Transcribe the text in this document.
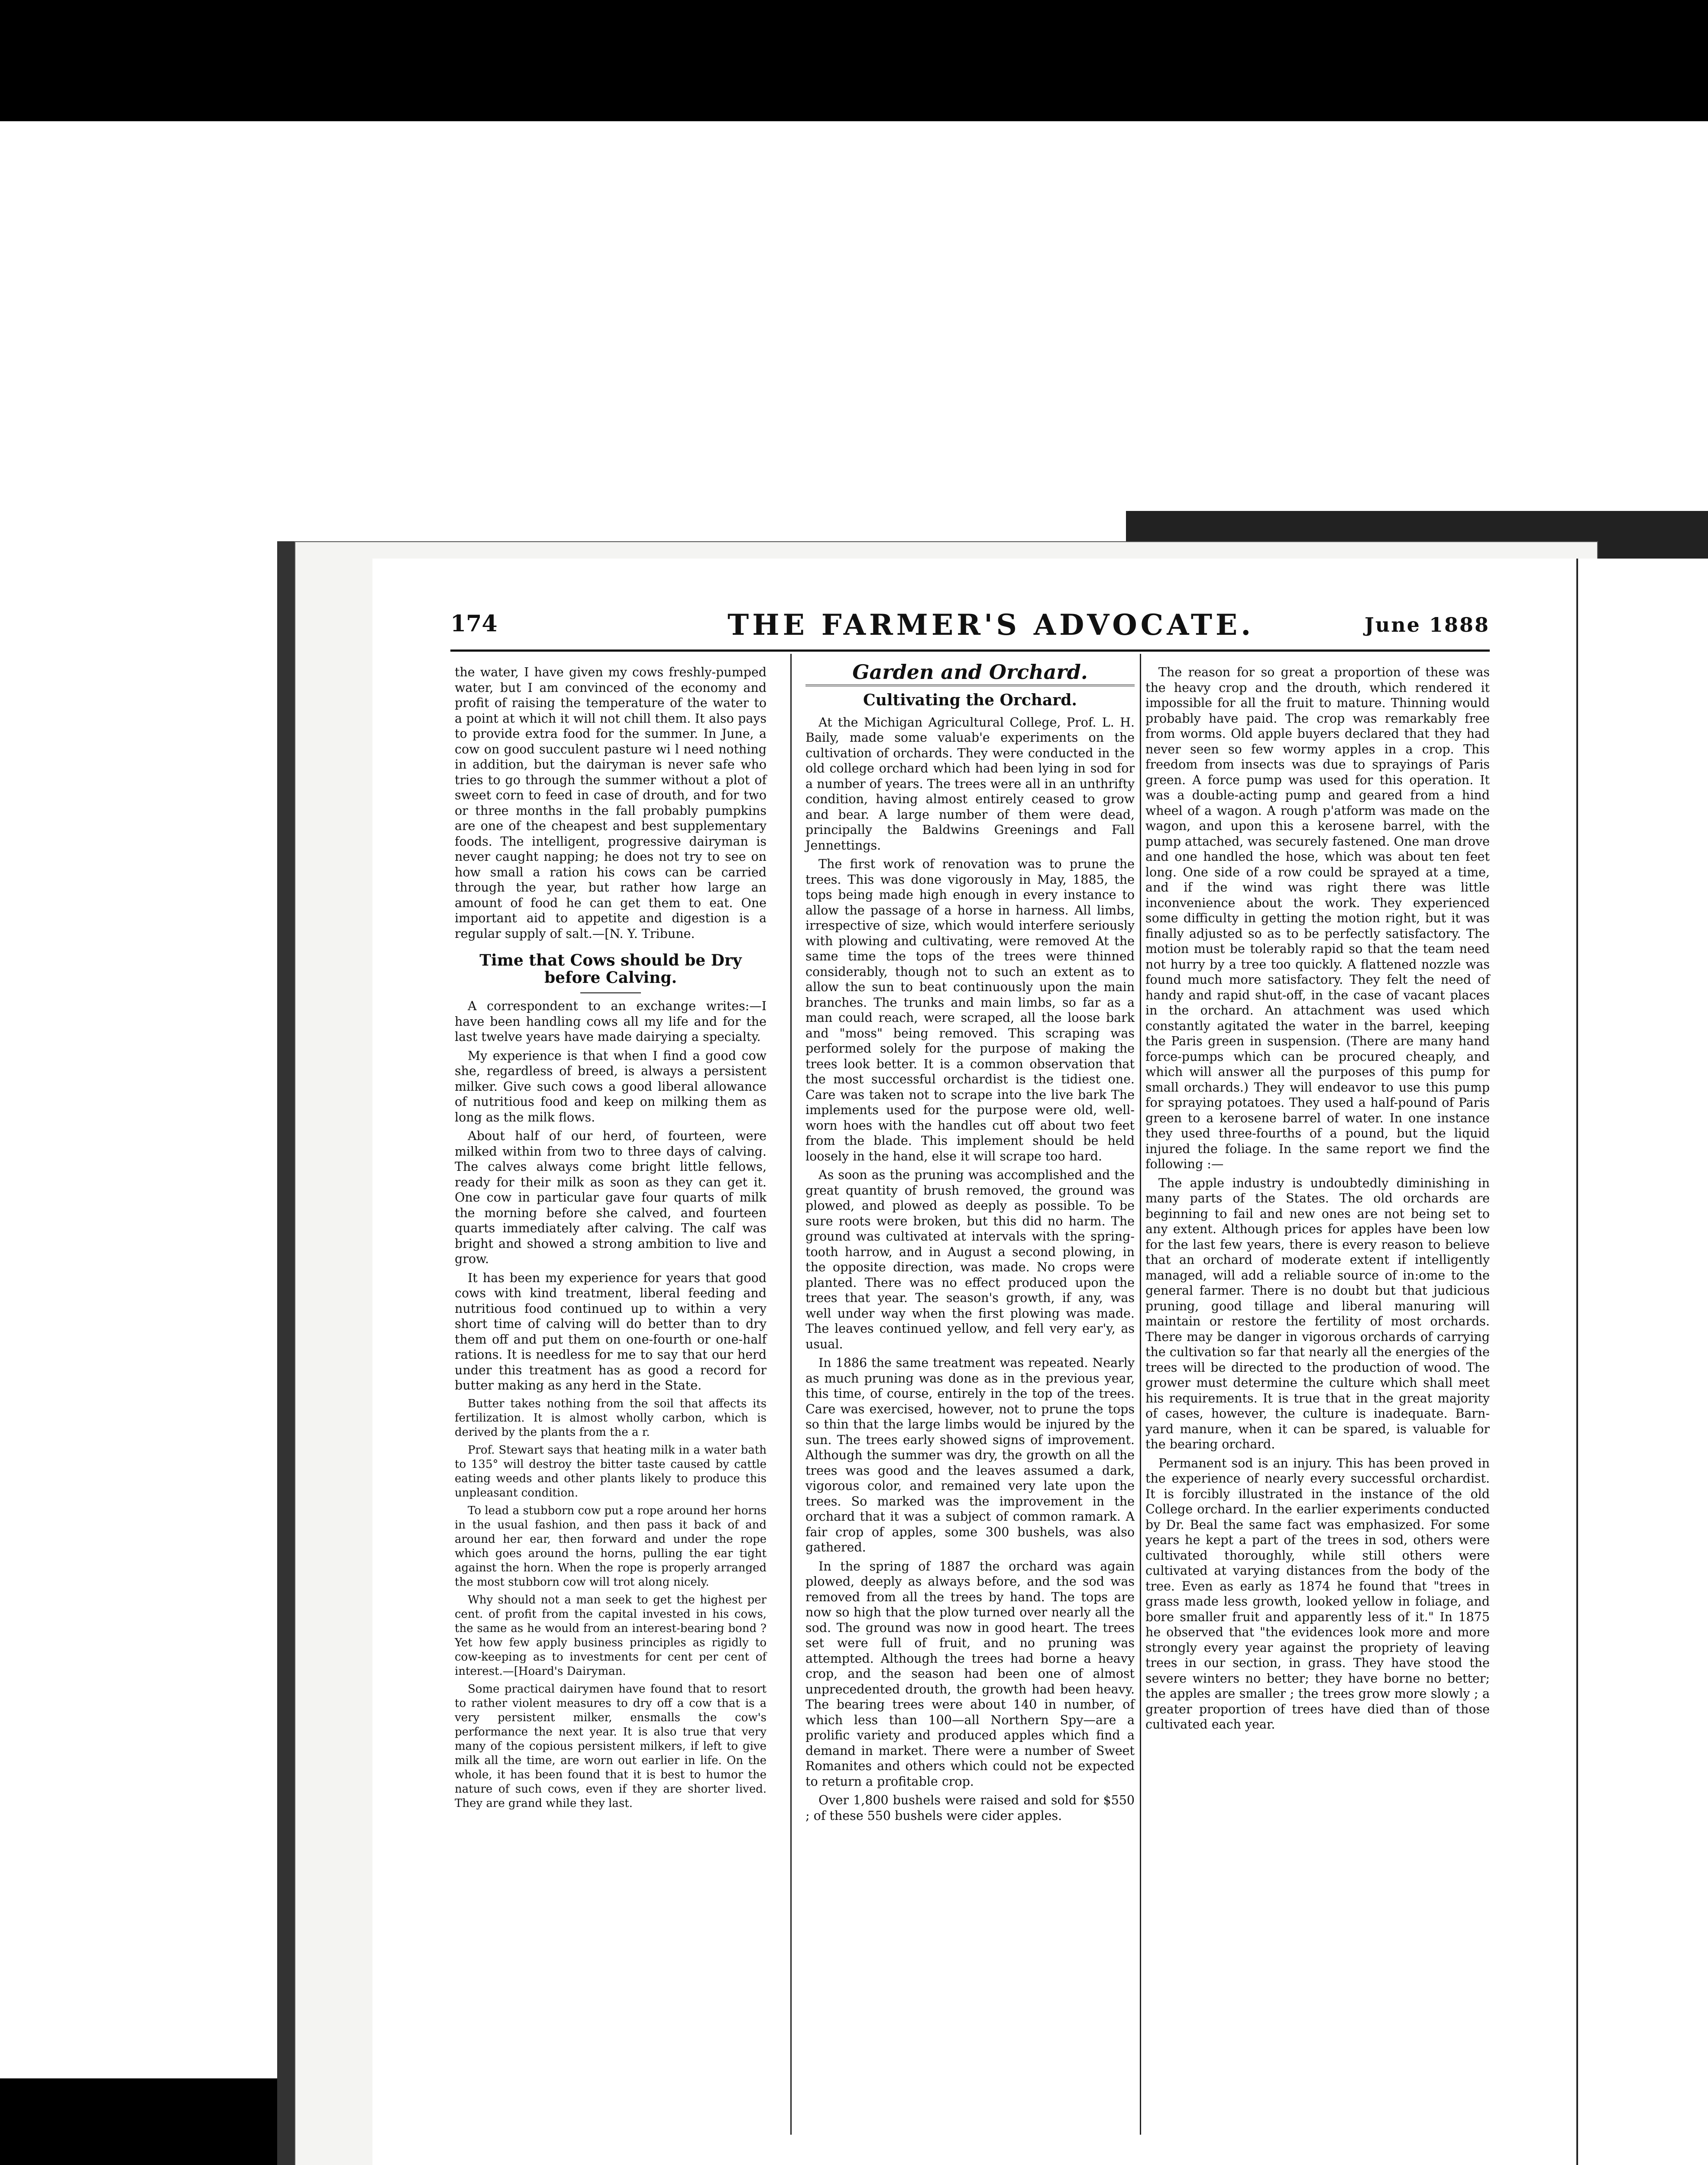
174	THE FARMER'S ADVOCATE.	June 1888

the water, I have given my cows freshly-pumped water, but I am convinced of the economy and profit of raising the temperature of the water to a point at which it will not chill them. It also pays to provide extra food for the summer. In June, a cow on good succulent pasture wi l need nothing in addition, but the dairyman is never safe who tries to go through the summer without a plot of sweet corn to feed in case of drouth, and for two or three months in the fall probably pumpkins are one of the cheapest and best supplementary foods. The intelligent, progressive dairyman is never caught napping; he does not try to see on how small a ration his cows can be carried through the year, but rather how large an amount of food he can get them to eat. One important aid to appetite and digestion is a regular supply of salt.—[N. Y. Tribune.

Time that Cows should be Dry before Calving.

A correspondent to an exchange writes:—I have been handling cows all my life and for the last twelve years have made dairying a specialty.

My experience is that when I find a good cow she, regardless of breed, is always a persistent milker. Give such cows a good liberal allowance of nutritious food and keep on milking them as long as the milk flows.

About half of our herd, of fourteen, were milked within from two to three days of calving. The calves always come bright little fellows, ready for their milk as soon as they can get it. One cow in particular gave four quarts of milk the morning before she calved, and fourteen quarts immediately after calving. The calf was bright and showed a strong ambition to live and grow.

It has been my experience for years that good cows with kind treatment, liberal feeding and nutritious food continued up to within a very short time of calving will do better than to dry them off and put them on one-fourth or one-half rations. It is needless for me to say that our herd under this treatment has as good a record for butter making as any herd in the State.

Butter takes nothing from the soil that affects its fertilization. It is almost wholly carbon, which is derived by the plants from the a r.

Prof. Stewart says that heating milk in a water bath to 135° will destroy the bitter taste caused by cattle eating weeds and other plants likely to produce this unpleasant condition.

To lead a stubborn cow put a rope around her horns in the usual fashion, and then pass it back of and around her ear, then forward and under the rope which goes around the horns, pulling the ear tight against the horn. When the rope is properly arranged the most stubborn cow will trot along nicely.

Why should not a man seek to get the highest per cent. of profit from the capital invested in his cows, the same as he would from an interest-bearing bond ? Yet how few apply business principles as rigidly to cow-keeping as to investments for cent per cent of interest.—[Hoard's Dairyman.

Some practical dairymen have found that to resort to rather violent measures to dry off a cow that is a very persistent milker, ensmalls the cow's performance the next year. It is also true that very many of the copious persistent milkers, if left to give milk all the time, are worn out earlier in life. On the whole, it has been found that it is best to humor the nature of such cows, even if they are shorter lived. They are grand while they last.

Garden and Orchard.
Cultivating the Orchard.

At the Michigan Agricultural College, Prof. L. H. Baily, made some valuab'e experiments on the cultivation of orchards. They were conducted in the old college orchard which had been lying in sod for a number of years. The trees were all in an unthrifty condition, having almost entirely ceased to grow and bear. A large number of them were dead, principally the Baldwins Greenings and Fall Jennettings.

The first work of renovation was to prune the trees. This was done vigorously in May, 1885, the tops being made high enough in every instance to allow the passage of a horse in harness. All limbs, irrespective of size, which would interfere seriously with plowing and cultivating, were removed At the same time the tops of the trees were thinned considerably, though not to such an extent as to allow the sun to beat continuously upon the main branches. The trunks and main limbs, so far as a man could reach, were scraped, all the loose bark and "moss" being removed. This scraping was performed solely for the purpose of making the trees look better. It is a common observation that the most successful orchardist is the tidiest one. Care was taken not to scrape into the live bark The implements used for the purpose were old, well-worn hoes with the handles cut off about two feet from the blade. This implement should be held loosely in the hand, else it will scrape too hard.

As soon as the pruning was accomplished and the great quantity of brush removed, the ground was plowed, and plowed as deeply as possible. To be sure roots were broken, but this did no harm. The ground was cultivated at intervals with the spring-tooth harrow, and in August a second plowing, in the opposite direction, was made. No crops were planted. There was no effect produced upon the trees that year. The season's growth, if any, was well under way when the first plowing was made. The leaves continued yellow, and fell very ear'y, as usual.

In 1886 the same treatment was repeated. Nearly as much pruning was done as in the previous year, this time, of course, entirely in the top of the trees. Care was exercised, however, not to prune the tops so thin that the large limbs would be injured by the sun. The trees early showed signs of improvement. Although the summer was dry, the growth on all the trees was good and the leaves assumed a dark, vigorous color, and remained very late upon the trees. So marked was the improvement in the orchard that it was a subject of common ramark. A fair crop of apples, some 300 bushels, was also gathered.

In the spring of 1887 the orchard was again plowed, deeply as always before, and the sod was removed from all the trees by hand. The tops are now so high that the plow turned over nearly all the sod. The ground was now in good heart. The trees set were full of fruit, and no pruning was attempted. Although the trees had borne a heavy crop, and the season had been one of almost unprecedented drouth, the growth had been heavy. The bearing trees were about 140 in number, of which less than 100—all Northern Spy—are a prolific variety and produced apples which find a demand in market. There were a number of Sweet Romanites and others which could not be expected to return a profitable crop.

Over 1,800 bushels were raised and sold for $550 ; of these 550 bushels were cider apples.

The reason for so great a proportion of these was the heavy crop and the drouth, which rendered it impossible for all the fruit to mature. Thinning would probably have paid. The crop was remarkably free from worms. Old apple buyers declared that they had never seen so few wormy apples in a crop. This freedom from insects was due to sprayings of Paris green. A force pump was used for this operation. It was a double-acting pump and geared from a hind wheel of a wagon. A rough p'atform was made on the wagon, and upon this a kerosene barrel, with the pump attached, was securely fastened. One man drove and one handled the hose, which was about ten feet long. One side of a row could be sprayed at a time, and if the wind was right there was little inconvenience about the work. They experienced some difficulty in getting the motion right, but it was finally adjusted so as to be perfectly satisfactory. The motion must be tolerably rapid so that the team need not hurry by a tree too quickly. A flattened nozzle was found much more satisfactory. They felt the need of handy and rapid shut-off, in the case of vacant places in the orchard. An attachment was used which constantly agitated the water in the barrel, keeping the Paris green in suspension. (There are many hand force-pumps which can be procured cheaply, and which will answer all the purposes of this pump for small orchards.) They will endeavor to use this pump for spraying potatoes. They used a half-pound of Paris green to a kerosene barrel of water. In one instance they used three-fourths of a pound, but the liquid injured the foliage. In the same report we find the following :—

The apple industry is undoubtedly diminishing in many parts of the States. The old orchards are beginning to fail and new ones are not being set to any extent. Although prices for apples have been low for the last few years, there is every reason to believe that an orchard of moderate extent if intelligently managed, will add a reliable source of in:ome to the general farmer. There is no doubt but that judicious pruning, good tillage and liberal manuring will maintain or restore the fertility of most orchards. There may be danger in vigorous orchards of carrying the cultivation so far that nearly all the energies of the trees will be directed to the production of wood. The grower must determine the culture which shall meet his requirements. It is true that in the great majority of cases, however, the culture is inadequate. Barn-yard manure, when it can be spared, is valuable for the bearing orchard.

Permanent sod is an injury. This has been proved in the experience of nearly every successful orchardist. It is forcibly illustrated in the instance of the old College orchard. In the earlier experiments conducted by Dr. Beal the same fact was emphasized. For some years he kept a part of the trees in sod, others were cultivated thoroughly, while still others were cultivated at varying distances from the body of the tree. Even as early as 1874 he found that "trees in grass made less growth, looked yellow in foliage, and bore smaller fruit and apparently less of it." In 1875 he observed that "the evidences look more and more strongly every year against the propriety of leaving trees in our section, in grass. They have stood the severe winters no better; they have borne no better; the apples are smaller ; the trees grow more slowly ; a greater proportion of trees have died than of those cultivated each year.
